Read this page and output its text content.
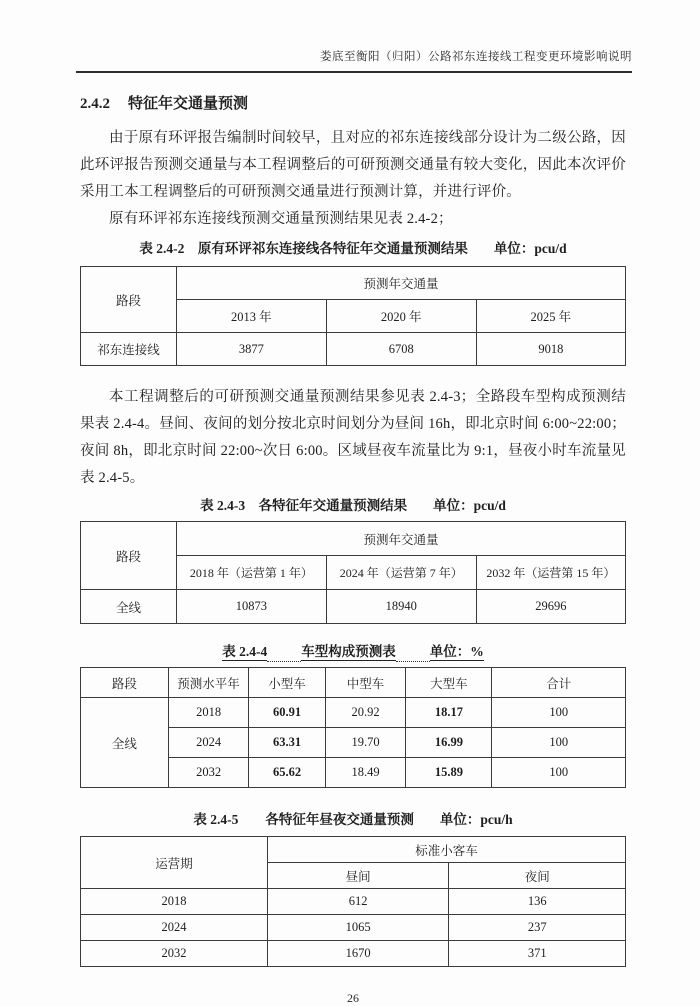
娄底至衡阳（归阳）公路祁东连接线工程变更环境影响说明
2.4.2 特征年交通量预测

由于原有环评报告编制时间较早，且对应的祁东连接线部分设计为二级公路，因此环评报告预测交通量与本工程调整后的可研预测交通量有较大变化，因此本次评价采用工本工程调整后的可研预测交通量进行预测计算，并进行评价。

原有环评祁东连接线预测交通量预测结果见表 2.4-2；

表 2.4-2　原有环评祁东连接线各特征年交通量预测结果 单位：pcu/d
路段	预测年交通量		
	2013 年	2020 年	2025 年
祁东连接线	3877	6708	9018

本工程调整后的可研预测交通量预测结果参见表 2.4-3；全路段车型构成预测结果表 2.4-4。昼间、夜间的划分按北京时间划分为昼间 16h，即北京时间 6:00~22:00；夜间 8h，即北京时间 22:00~次日 6:00。区域昼夜车流量比为 9:1，昼夜小时车流量见表 2.4-5。

表 2.4-3　各特征年交通量预测结果 单位：pcu/d
路段	预测年交通量		
	2018 年（运营第 1 年）	2024 年（运营第 7 年）	2032 年（运营第 15 年）
全线	10873	18940	29696
表 2.4-4	车型构成预测表	单位：%
路段	预测水平年	小型车	中型车	大型车	合计
全线	2018	60.91	20.92	18.17	100
	2024	63.31	19.70	16.99	100
	2032	65.62	18.49	15.89	100
表 2.4-5　　各特征年昼夜交通量预测 单位：pcu/h
运营期	标准小客车	
	昼间	夜间
2018	612	136
2024	1065	237
2032	1670	371
26
